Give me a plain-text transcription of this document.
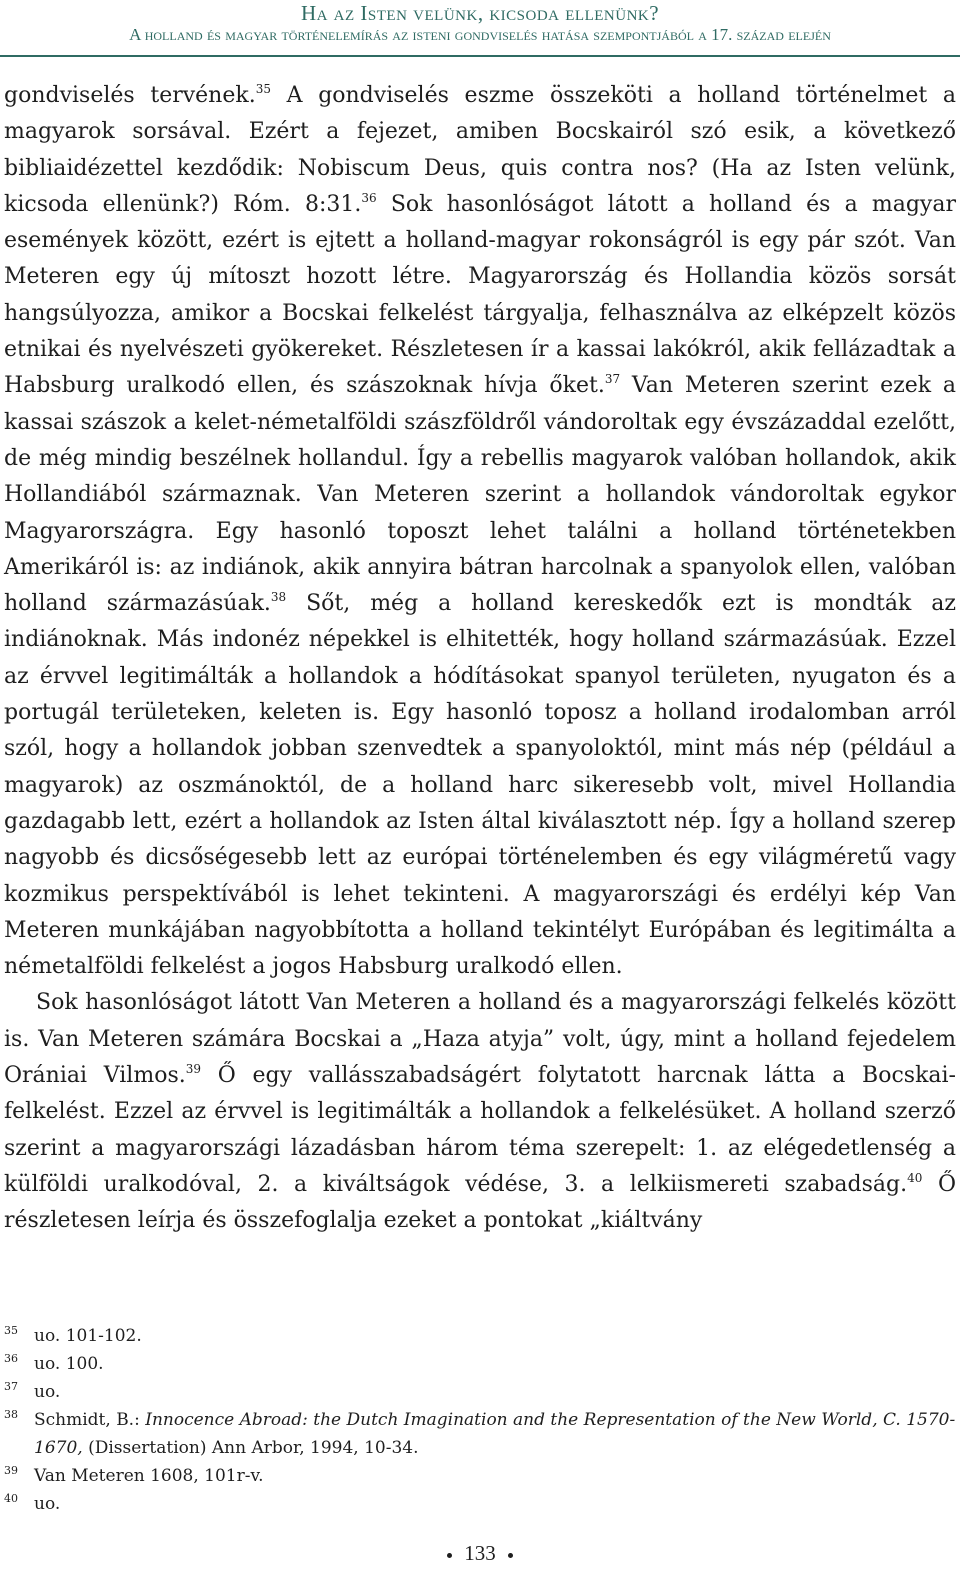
Ha az Isten velünk, kicsoda ellenünk?
A holland és magyar történelemírás az isteni gondviselés hatása szempontjából a 17. század elején

gondviselés tervének.$^{35}$ A gondviselés eszme összeköti a holland történelmet a magyarok sorsával. Ezért a fejezet, amiben Bocskairól szó esik, a következő bibliaidézettel kezdődik: Nobiscum Deus, quis contra nos? (Ha az Isten velünk, kicsoda ellenünk?) Róm. 8:31.36 Sok hasonlóságot látott a holland és a magyar események között, ezért is ejtett a holland-magyar rokonságról is egy pár szót. Van Meteren egy új mítoszt hozott létre. Magyarország és Hollandia közös sorsát hangsúlyozza, amikor a Bocskai felkelést tárgyalja, felhasználva az elképzelt közös etnikai és nyelvészeti gyökereket. Részletesen ír a kassai lakókról, akik fellázadtak a Habsburg uralkodó ellen, és szászoknak hívja őket.$^{37}$ Van Meteren szerint ezek a kassai szászok a kelet-németalföldi szászföldről vándoroltak egy évszázaddal ezelőtt, de még mindig beszélnek hollandul. Így a rebellis magyarok valóban hollandok, akik Hollandiából származnak. Van Meteren szerint a hollandok vándoroltak egykor Magyarországra. Egy hasonló toposzt lehet találni a holland történetekben Amerikáról is: az indiánok, akik annyira bátran harcolnak a spanyolok ellen, valóban holland származásúak.$^{38}$ Sőt, még a holland kereskedők ezt is mondták az indiánoknak. Más indonéz népekkel is elhitették, hogy holland származásúak. Ezzel az érvvel legitimálták a hollandok a hódításokat spanyol területen, nyugaton és a portugál területeken, keleten is. Egy hasonló toposz a holland irodalomban arról szól, hogy a hollandok jobban szenvedtek a spanyoloktól, mint más nép (például a magyarok) az oszmánoktól, de a holland harc sikeresebb volt, mivel Hollandia gazdagabb lett, ezért a hollandok az Isten által kiválasztott nép. Így a holland szerep nagyobb és dicsőségesebb lett az európai történelemben és egy világméretű vagy kozmikus perspektívából is lehet tekinteni. A magyarországi és erdélyi kép Van Meteren munkájában nagyobbította a holland tekintélyt Európában és legitimálta a németalföldi felkelést a jogos Habsburg uralkodó ellen.

Sok hasonlóságot látott Van Meteren a holland és a magyarországi felkelés között is. Van Meteren számára Bocskai a „Haza atyja” volt, úgy, mint a holland fejedelem Orániai Vilmos.$^{39}$ Ő egy vallásszabadságért folytatott harcnak látta a Bocskai-felkelést. Ezzel az érvvel is legitimálták a hollandok a felkelésüket. A holland szerző szerint a magyarországi lázadásban három téma szerepelt: 1. az elégedetlenség a külföldi uralkodóval, 2. a kiváltságok védése, 3. a lelkiismereti szabadság.$^{40}$ Ő részletesen leírja és összefoglalja ezeket a pontokat „kiáltvány

35 uo. 101-102.
36 uo. 100.
37 uo.
38 Schmidt, B.: Innocence Abroad: the Dutch Imagination and the Representation of the New World, C. 1570-1670, (Dissertation) Ann Arbor, 1994, 10-34.
39 Van Meteren 1608, 101r-v.
40 uo.
133
